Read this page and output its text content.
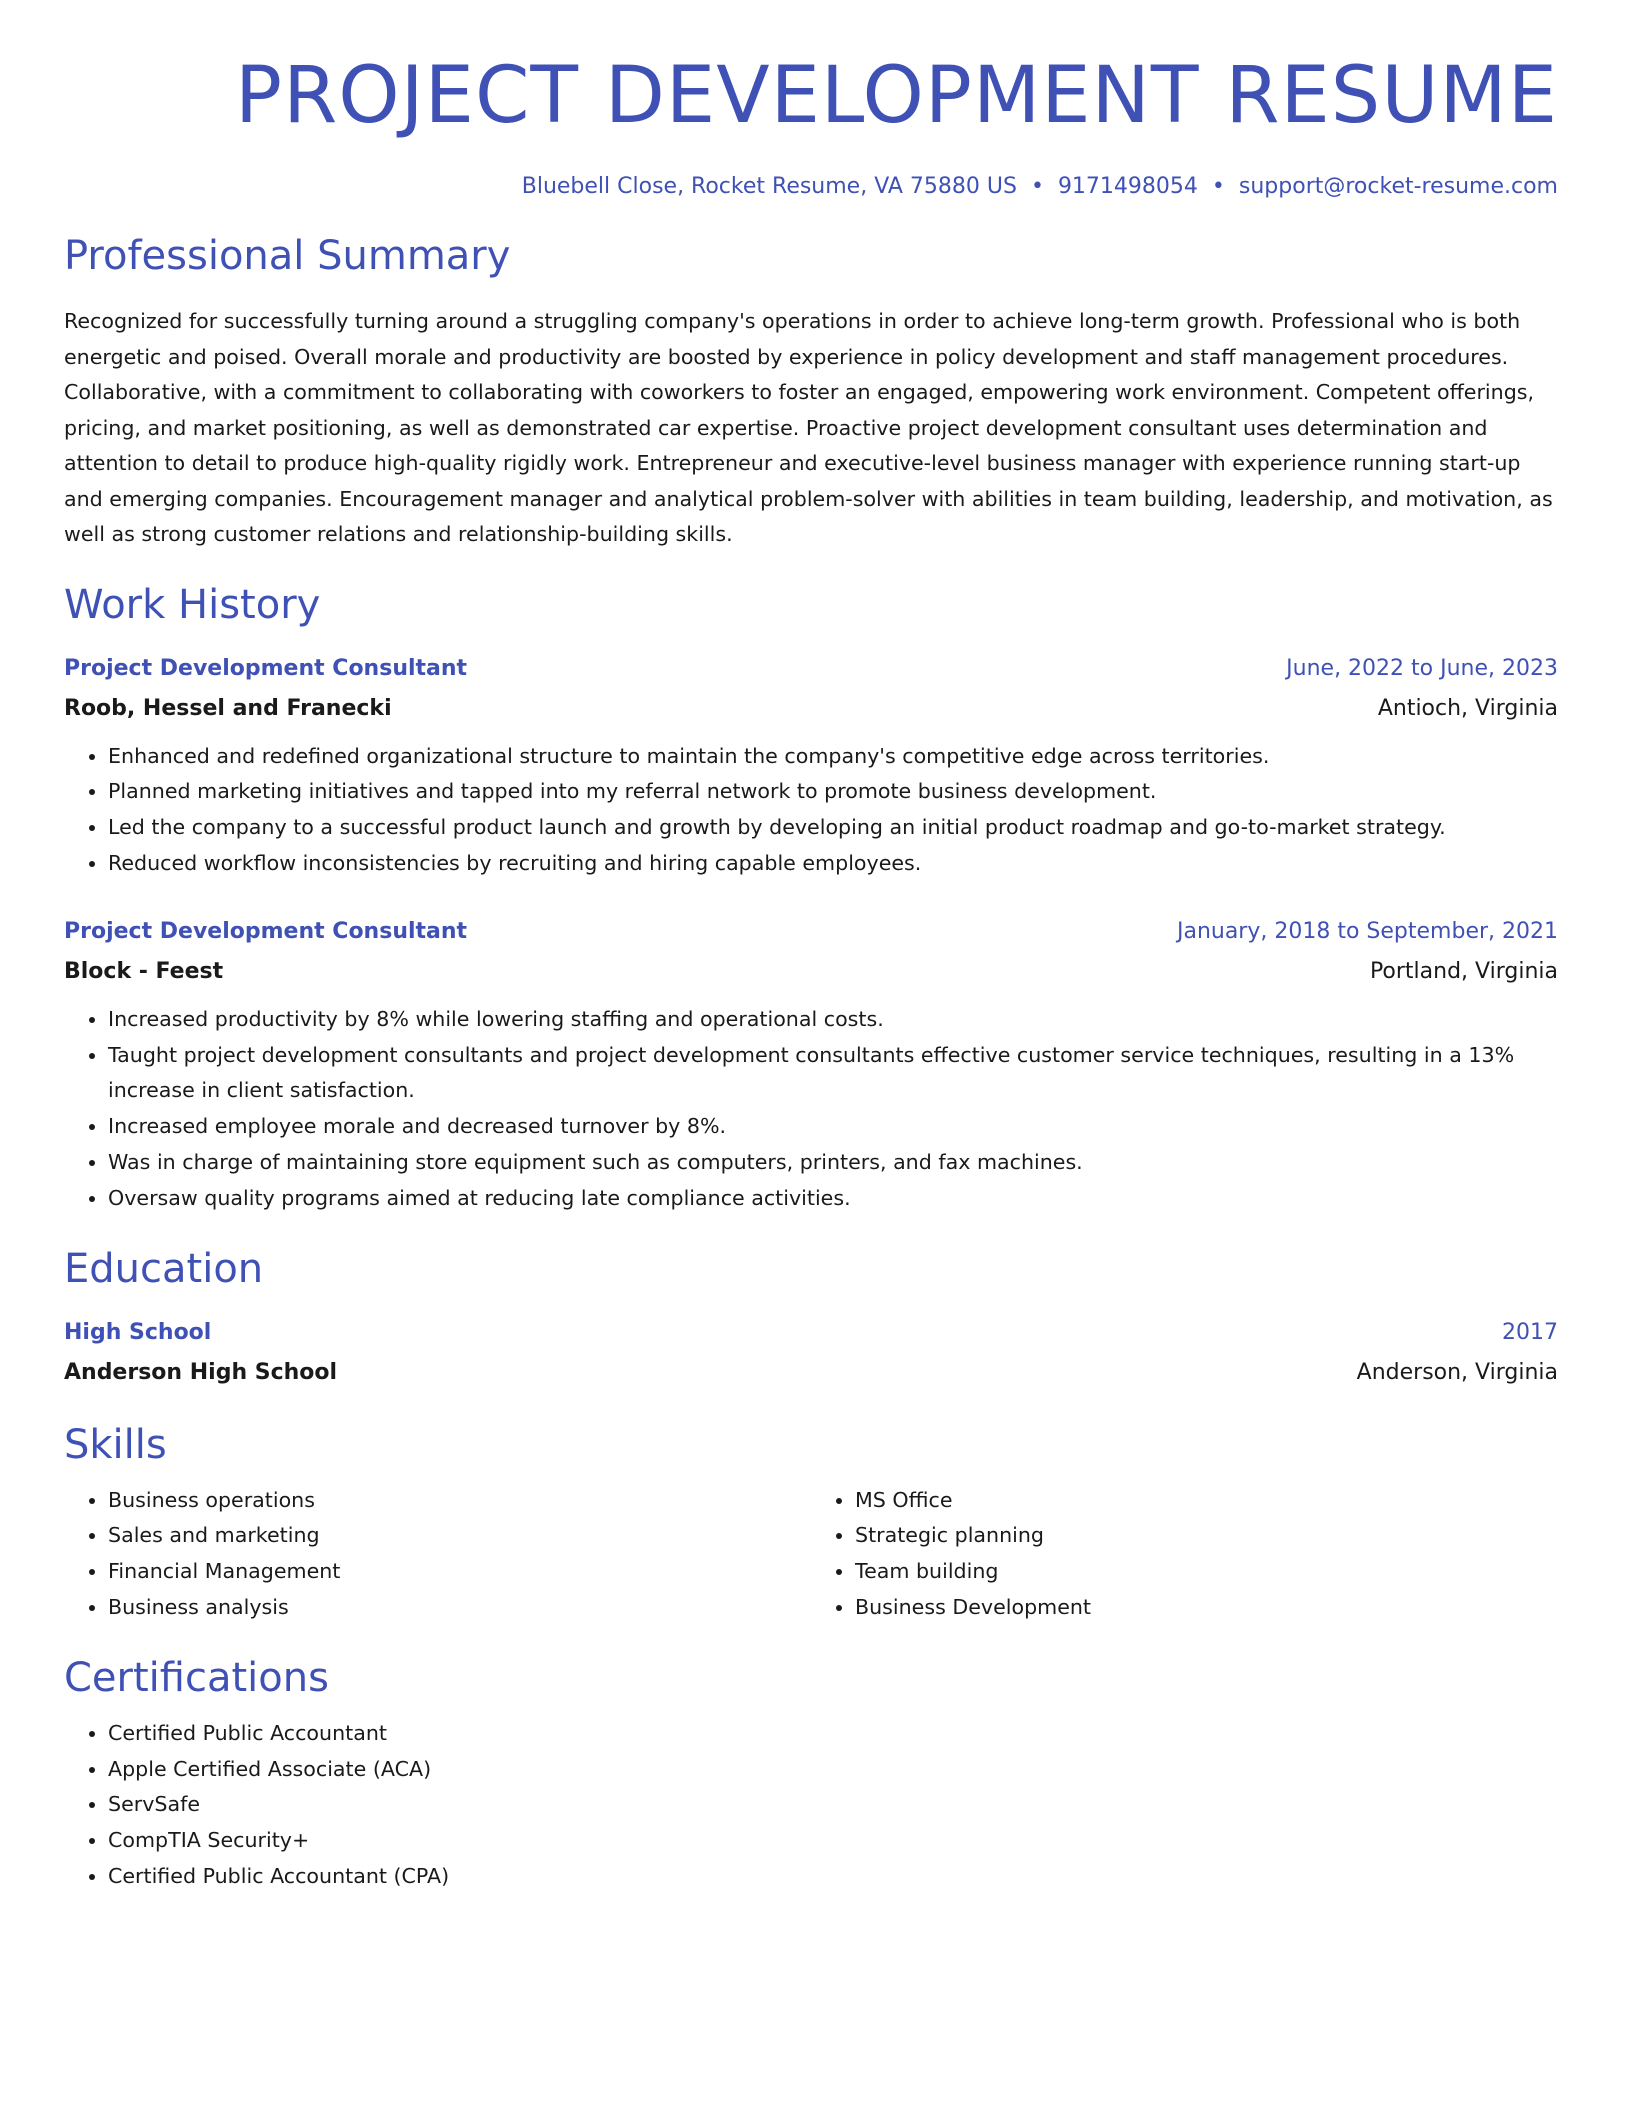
PROJECT DEVELOPMENT RESUME
Bluebell Close, Rocket Resume, VA 75880 US • 9171498054 • support@rocket-resume.com
Professional Summary
Recognized for successfully turning around a struggling company's operations in order to achieve long-term growth. Professional who is both energetic and poised. Overall morale and productivity are boosted by experience in policy development and staff management procedures. Collaborative, with a commitment to collaborating with coworkers to foster an engaged, empowering work environment. Competent offerings, pricing, and market positioning, as well as demonstrated car expertise. Proactive project development consultant uses determination and attention to detail to produce high-quality rigidly work. Entrepreneur and executive-level business manager with experience running start-up and emerging companies. Encouragement manager and analytical problem-solver with abilities in team building, leadership, and motivation, as well as strong customer relations and relationship-building skills.
Work History
Project Development Consultant	June, 2022 to June, 2023
Roob, Hessel and Franecki	Antioch, Virginia
• Enhanced and redefined organizational structure to maintain the company's competitive edge across territories.
• Planned marketing initiatives and tapped into my referral network to promote business development.
• Led the company to a successful product launch and growth by developing an initial product roadmap and go-to-market strategy.
• Reduced workflow inconsistencies by recruiting and hiring capable employees.
Project Development Consultant	January, 2018 to September, 2021
Block - Feest	Portland, Virginia
• Increased productivity by 8% while lowering staffing and operational costs.
• Taught project development consultants and project development consultants effective customer service techniques, resulting in a 13% increase in client satisfaction.
• Increased employee morale and decreased turnover by 8%.
• Was in charge of maintaining store equipment such as computers, printers, and fax machines.
• Oversaw quality programs aimed at reducing late compliance activities.
Education
High School	2017
Anderson High School	Anderson, Virginia
Skills
• Business operations
• Sales and marketing
• Financial Management
• Business analysis
• MS Office
• Strategic planning
• Team building
• Business Development
Certifications
• Certified Public Accountant
• Apple Certified Associate (ACA)
• ServSafe
• CompTIA Security+
• Certified Public Accountant (CPA)
